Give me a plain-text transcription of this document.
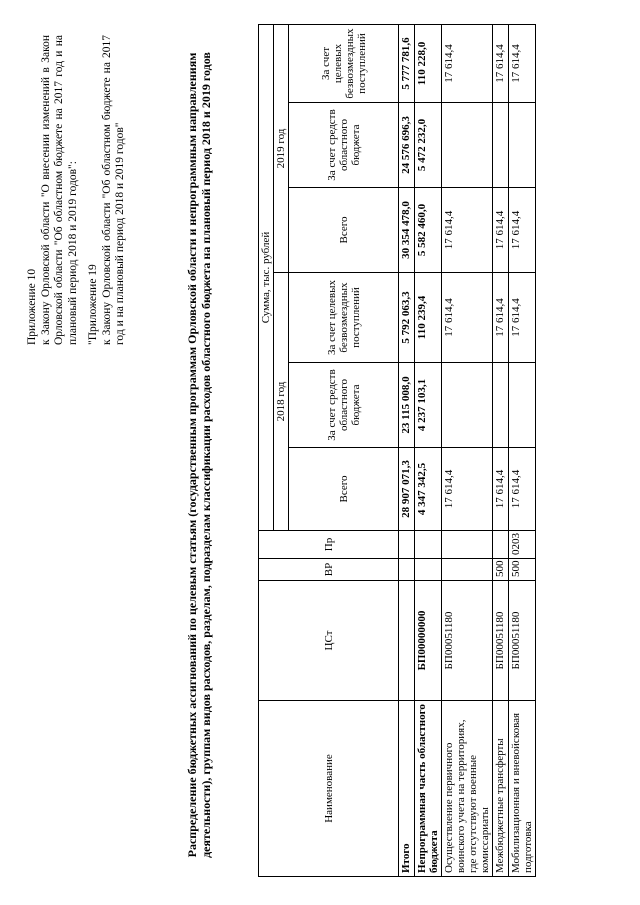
Приложение 10 к Закону Орловской области "О внесении изменений в Закон Орловской области "Об областном бюджете на 2017 год и на плановый период 2018 и 2019 годов": "Приложение 19 к Закону Орловской области "Об областном бюджете на 2017 год и на плановый период 2018 и 2019 годов"	Распределение бюджетных ассигнований по целевым статьям (государственным программам Орловской области и непрограммным направлениям деятельности), группам видов расходов, разделам, подразделам классификации расходов областного бюджета на плановый период 2018 и 2019 годов	Наименование	ЦСт	ВР	Пр	Сумма, тыс. рублей					
				2018 год			2019 год		
				Всего	За счет средств областного бюджета	За счет целевых безвозмездных поступлений	Всего	За счет средств областного бюджета	За счет целевых безвозмездных поступлений
Итого				28 907 071,3	23 115 008,0	5 792 063,3	30 354 478,0	24 576 696,3	5 777 781,6
Непрограммная часть областного бюджета	БП00000000			4 347 342,5	4 237 103,1	110 239,4	5 582 460,0	5 472 232,0	110 228,0
Осуществление первичного воинского учета на территориях, где отсутствуют военные комиссариаты	БП00051180			17 614,4		17 614,4	17 614,4		17 614,4
Межбюджетные трансферты	БП00051180	500		17 614,4		17 614,4	17 614,4		17 614,4
Мобилизационная и вневойсковая подготовка	БП00051180	500	0203	17 614,4		17 614,4	17 614,4		17 614,4
